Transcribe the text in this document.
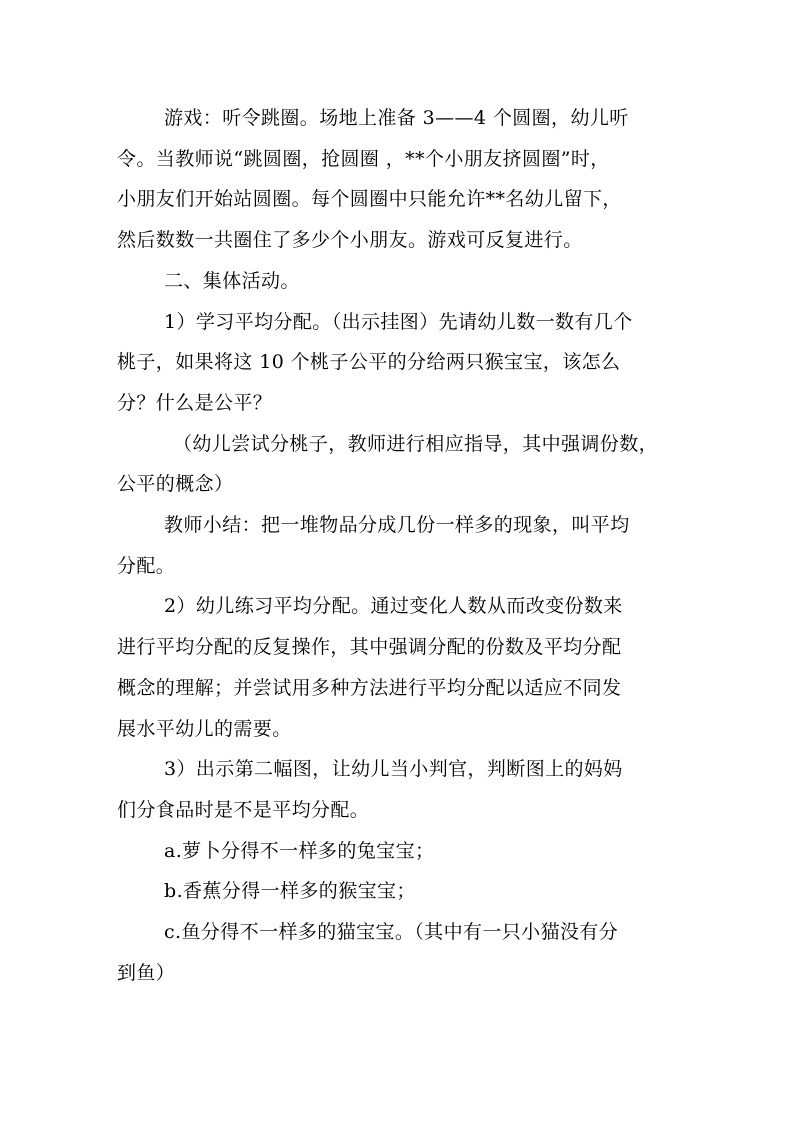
游戏：听令跳圈。场地上准备 3——4 个圆圈，幼儿听
令。当教师说“跳圆圈，抢圆圈 ，**个小朋友挤圆圈”时，
小朋友们开始站圆圈。每个圆圈中只能允许**名幼儿留下，
然后数数一共圈住了多少个小朋友。游戏可反复进行。

二、集体活动。

1）学习平均分配。（出示挂图）先请幼儿数一数有几个
桃子，如果将这 10 个桃子公平的分给两只猴宝宝，该怎么
分？什么是公平？

（幼儿尝试分桃子，教师进行相应指导，其中强调份数，
公平的概念）

教师小结：把一堆物品分成几份一样多的现象，叫平均
分配。

2）幼儿练习平均分配。通过变化人数从而改变份数来
进行平均分配的反复操作，其中强调分配的份数及平均分配
概念的理解；并尝试用多种方法进行平均分配以适应不同发
展水平幼儿的需要。

3）出示第二幅图，让幼儿当小判官，判断图上的妈妈
们分食品时是不是平均分配。

a.萝卜分得不一样多的兔宝宝；

b.香蕉分得一样多的猴宝宝；

c.鱼分得不一样多的猫宝宝。（其中有一只小猫没有分
到鱼）
